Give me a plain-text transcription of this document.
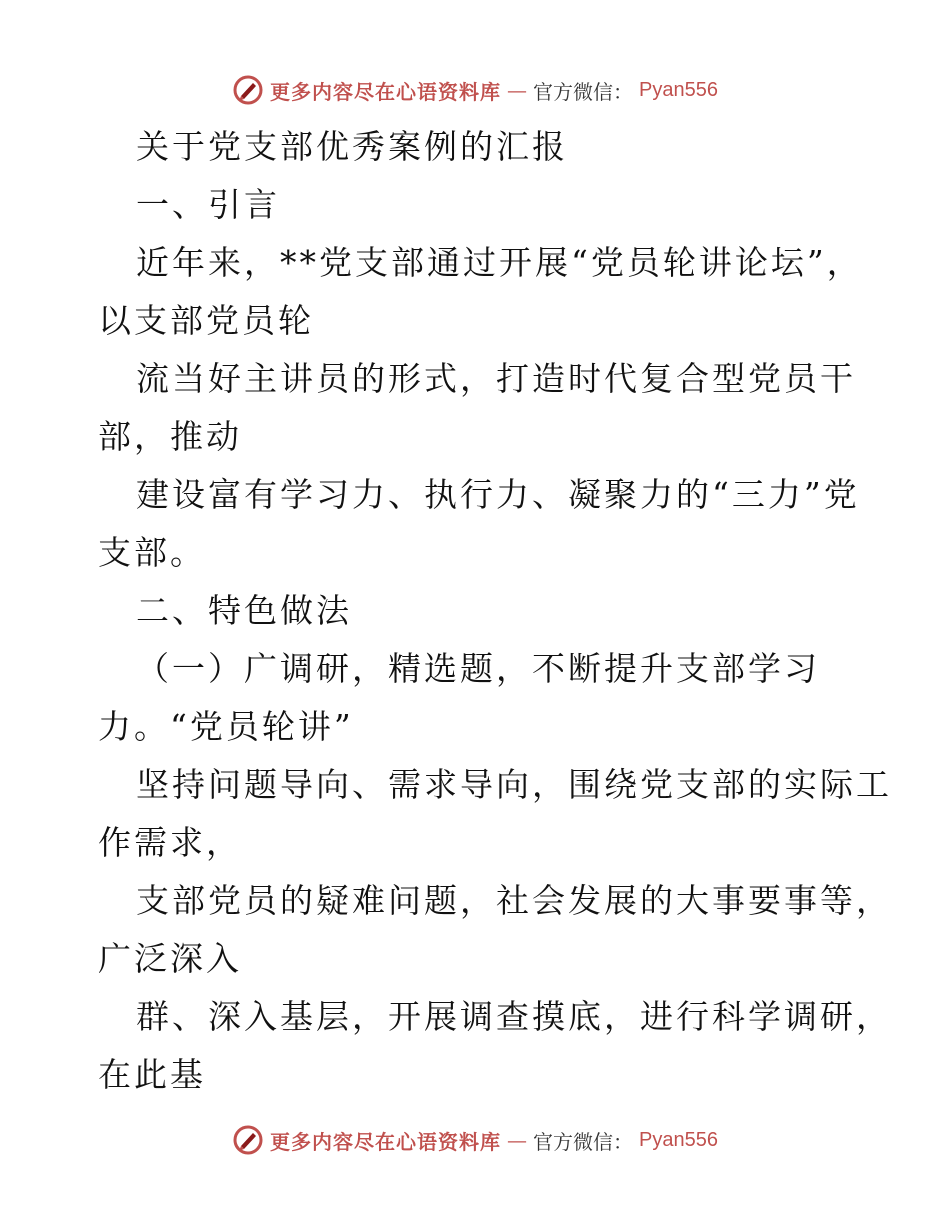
更多内容尽在心语资料库 — 官方微信： Pyan556
关于党支部优秀案例的汇报
一、引言
近年来，**党支部通过开展“党员轮讲论坛”，
以支部党员轮
流当好主讲员的形式，打造时代复合型党员干
部，推动
建设富有学习力、执行力、凝聚力的“三力”党
支部。
二、特色做法
（一）广调研，精选题，不断提升支部学习
力。“党员轮讲”
坚持问题导向、需求导向，围绕党支部的实际工
作需求，
支部党员的疑难问题，社会发展的大事要事等，
广泛深入
群、深入基层，开展调查摸底，进行科学调研，
在此基
更多内容尽在心语资料库 — 官方微信： Pyan556
